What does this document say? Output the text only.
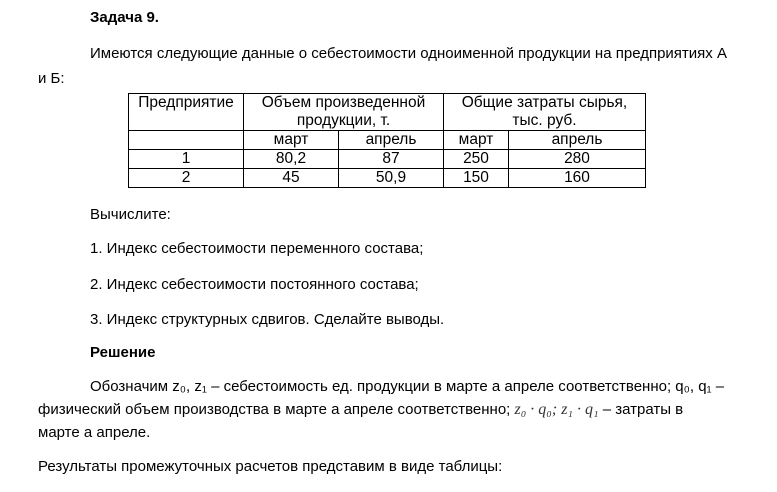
Задача 9.
Имеются следующие данные о себестоимости одноименной продукции на предприятиях А
и Б:
Предприятие	Объем произведенной продукции, т.		Общие затраты сырья, тыс. руб.	

	март	апрель	март	апрель
1	80,2	87	250	280
2	45	50,9	150	160
Вычислите:
1. Индекс себестоимости переменного состава;
2. Индекс себестоимости постоянного состава;
3. Индекс структурных сдвигов. Сделайте выводы.
Решение
Обозначим z₀, z₁ – себестоимость ед. продукции в марте а апреле соответственно; q₀, q₁ –
физический объем производства в марте а апреле соответственно; z₀ · q₀; z₁ · q₁ – затраты в
марте а апреле.
Результаты промежуточных расчетов представим в виде таблицы:
